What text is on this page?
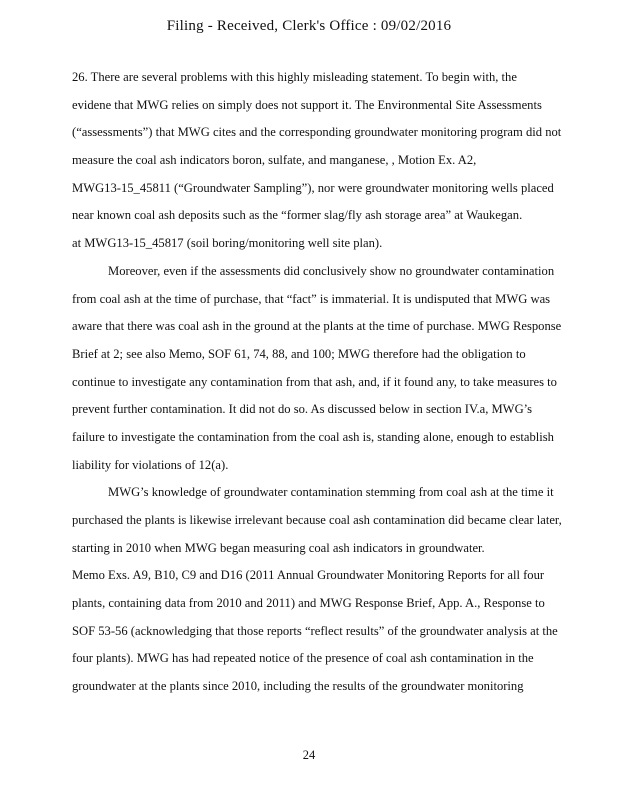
Filing - Received, Clerk's Office : 09/02/2016
26. There are several problems with this highly misleading statement. To begin with, the
evidene that MWG relies on simply does not support it. The Environmental Site Assessments
(“assessments”) that MWG cites and the corresponding groundwater monitoring program did not
measure the coal ash indicators boron, sulfate, and manganese, , Motion Ex. A2,
MWG13-15_45811 (“Groundwater Sampling”), nor were groundwater monitoring wells placed
near known coal ash deposits such as the “former slag/fly ash storage area” at Waukegan.
at MWG13-15_45817 (soil boring/monitoring well site plan).
Moreover, even if the assessments did conclusively show no groundwater contamination
from coal ash at the time of purchase, that “fact” is immaterial. It is undisputed that MWG was
aware that there was coal ash in the ground at the plants at the time of purchase. MWG Response
Brief at 2; see also Memo, SOF 61, 74, 88, and 100; MWG therefore had the obligation to
continue to investigate any contamination from that ash, and, if it found any, to take measures to
prevent further contamination. It did not do so. As discussed below in section IV.a, MWG’s
failure to investigate the contamination from the coal ash is, standing alone, enough to establish
liability for violations of 12(a).
MWG’s knowledge of groundwater contamination stemming from coal ash at the time it
purchased the plants is likewise irrelevant because coal ash contamination did became clear later,
starting in 2010 when MWG began measuring coal ash indicators in groundwater.
Memo Exs. A9, B10, C9 and D16 (2011 Annual Groundwater Monitoring Reports for all four
plants, containing data from 2010 and 2011) and MWG Response Brief, App. A., Response to
SOF 53-56 (acknowledging that those reports “reflect results” of the groundwater analysis at the
four plants). MWG has had repeated notice of the presence of coal ash contamination in the
groundwater at the plants since 2010, including the results of the groundwater monitoring
24
